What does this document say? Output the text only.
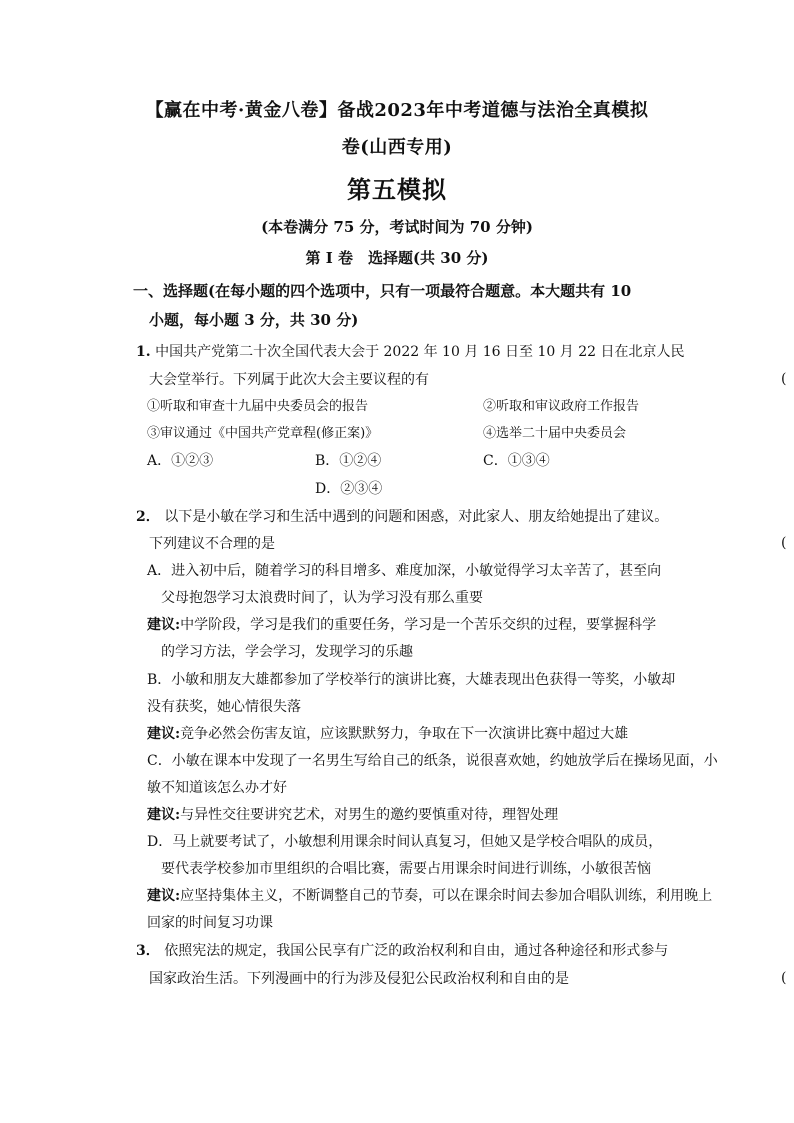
【赢在中考·黄金八卷】备战2023年中考道德与法治全真模拟
卷(山西专用)
第五模拟
(本卷满分 75 分，考试时间为 70 分钟)
第 I 卷　选择题(共 30 分)
一、选择题(在每小题的四个选项中，只有一项最符合题意。本大题共有 10
小题，每小题 3 分，共 30 分)
1. 中国共产党第二十次全国代表大会于 2022 年 10 月 16 日至 10 月 22 日在北京人民
大会堂举行。下列属于此次大会主要议程的有	(
①听取和审查十九届中央委员会的报告	②听取和审议政府工作报告
③审议通过《中国共产党章程(修正案)》	④选举二十届中央委员会
A．①②③	B．①②④	C．①③④
D．②③④
2． 以下是小敏在学习和生活中遇到的问题和困惑，对此家人、朋友给她提出了建议。
下列建议不合理的是	(
A．进入初中后，随着学习的科目增多、难度加深，小敏觉得学习太辛苦了，甚至向
父母抱怨学习太浪费时间了，认为学习没有那么重要
建议:中学阶段，学习是我们的重要任务，学习是一个苦乐交织的过程，要掌握科学
的学习方法，学会学习，发现学习的乐趣
B．小敏和朋友大雄都参加了学校举行的演讲比赛，大雄表现出色获得一等奖，小敏却
没有获奖，她心情很失落
建议:竞争必然会伤害友谊，应该默默努力，争取在下一次演讲比赛中超过大雄
C．小敏在课本中发现了一名男生写给自己的纸条，说很喜欢她，约她放学后在操场见面，小
敏不知道该怎么办才好
建议:与异性交往要讲究艺术，对男生的邀约要慎重对待，理智处理
D．马上就要考试了，小敏想利用课余时间认真复习，但她又是学校合唱队的成员，
要代表学校参加市里组织的合唱比赛，需要占用课余时间进行训练，小敏很苦恼
建议:应坚持集体主义，不断调整自己的节奏，可以在课余时间去参加合唱队训练，利用晚上
回家的时间复习功课
3． 依照宪法的规定，我国公民享有广泛的政治权利和自由，通过各种途径和形式参与
国家政治生活。下列漫画中的行为涉及侵犯公民政治权利和自由的是	(
